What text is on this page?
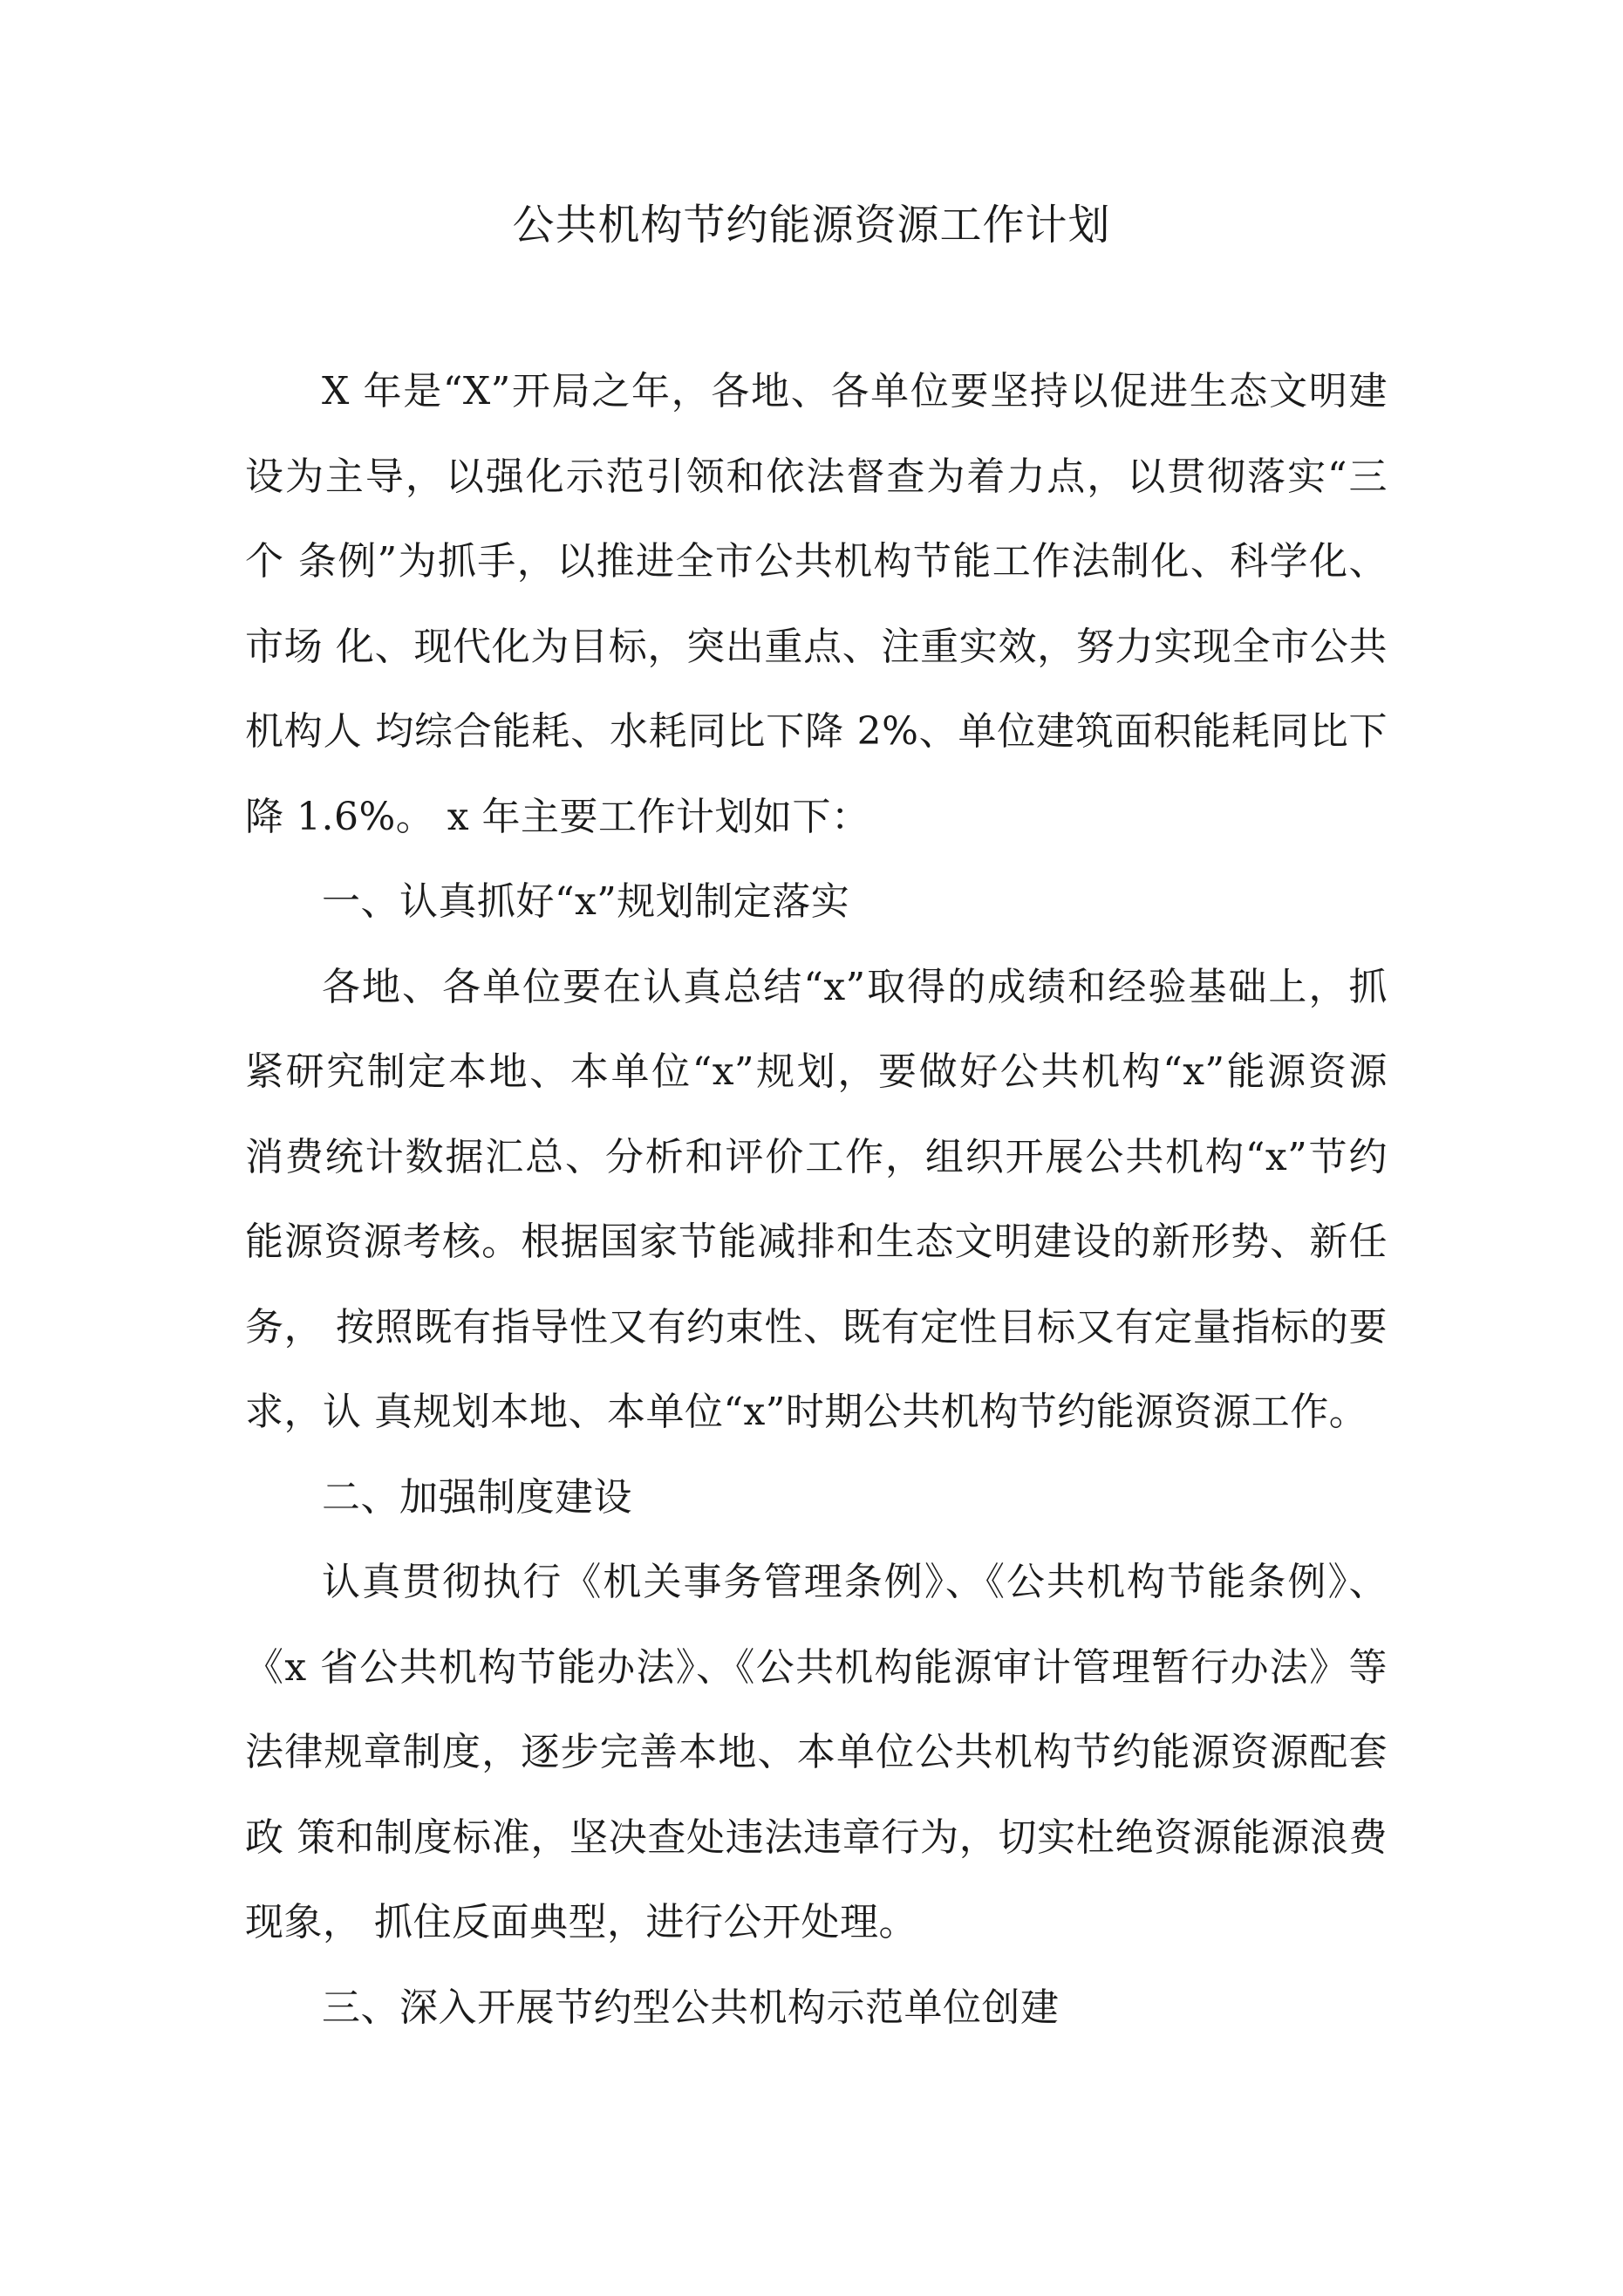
公共机构节约能源资源工作计划

X 年是“X”开局之年，各地、各单位要坚持以促进生态文明建 设为主导，以强化示范引领和依法督查为着力点，以贯彻落实“三个 条例”为抓手，以推进全市公共机构节能工作法制化、科学化、市场 化、现代化为目标，突出重点、注重实效，努力实现全市公共机构人 均综合能耗、水耗同比下降 2%、单位建筑面积能耗同比下降 1.6%。 x 年主要工作计划如下：

一、认真抓好“x”规划制定落实

各地、各单位要在认真总结“x”取得的成绩和经验基础上，抓 紧研究制定本地、本单位“x”规划，要做好公共机构“x”能源资源 消费统计数据汇总、分析和评价工作，组织开展公共机构“x”节约 能源资源考核。根据国家节能减排和生态文明建设的新形势、新任务， 按照既有指导性又有约束性、既有定性目标又有定量指标的要求，认 真规划本地、本单位“x”时期公共机构节约能源资源工作。

二、加强制度建设

认真贯彻执行《机关事务管理条例》、《公共机构节能条例》、 《x 省公共机构节能办法》、《公共机构能源审计管理暂行办法》等 法律规章制度，逐步完善本地、本单位公共机构节约能源资源配套政 策和制度标准，坚决查处违法违章行为，切实杜绝资源能源浪费现象， 抓住反面典型，进行公开处理。

三、深入开展节约型公共机构示范单位创建
